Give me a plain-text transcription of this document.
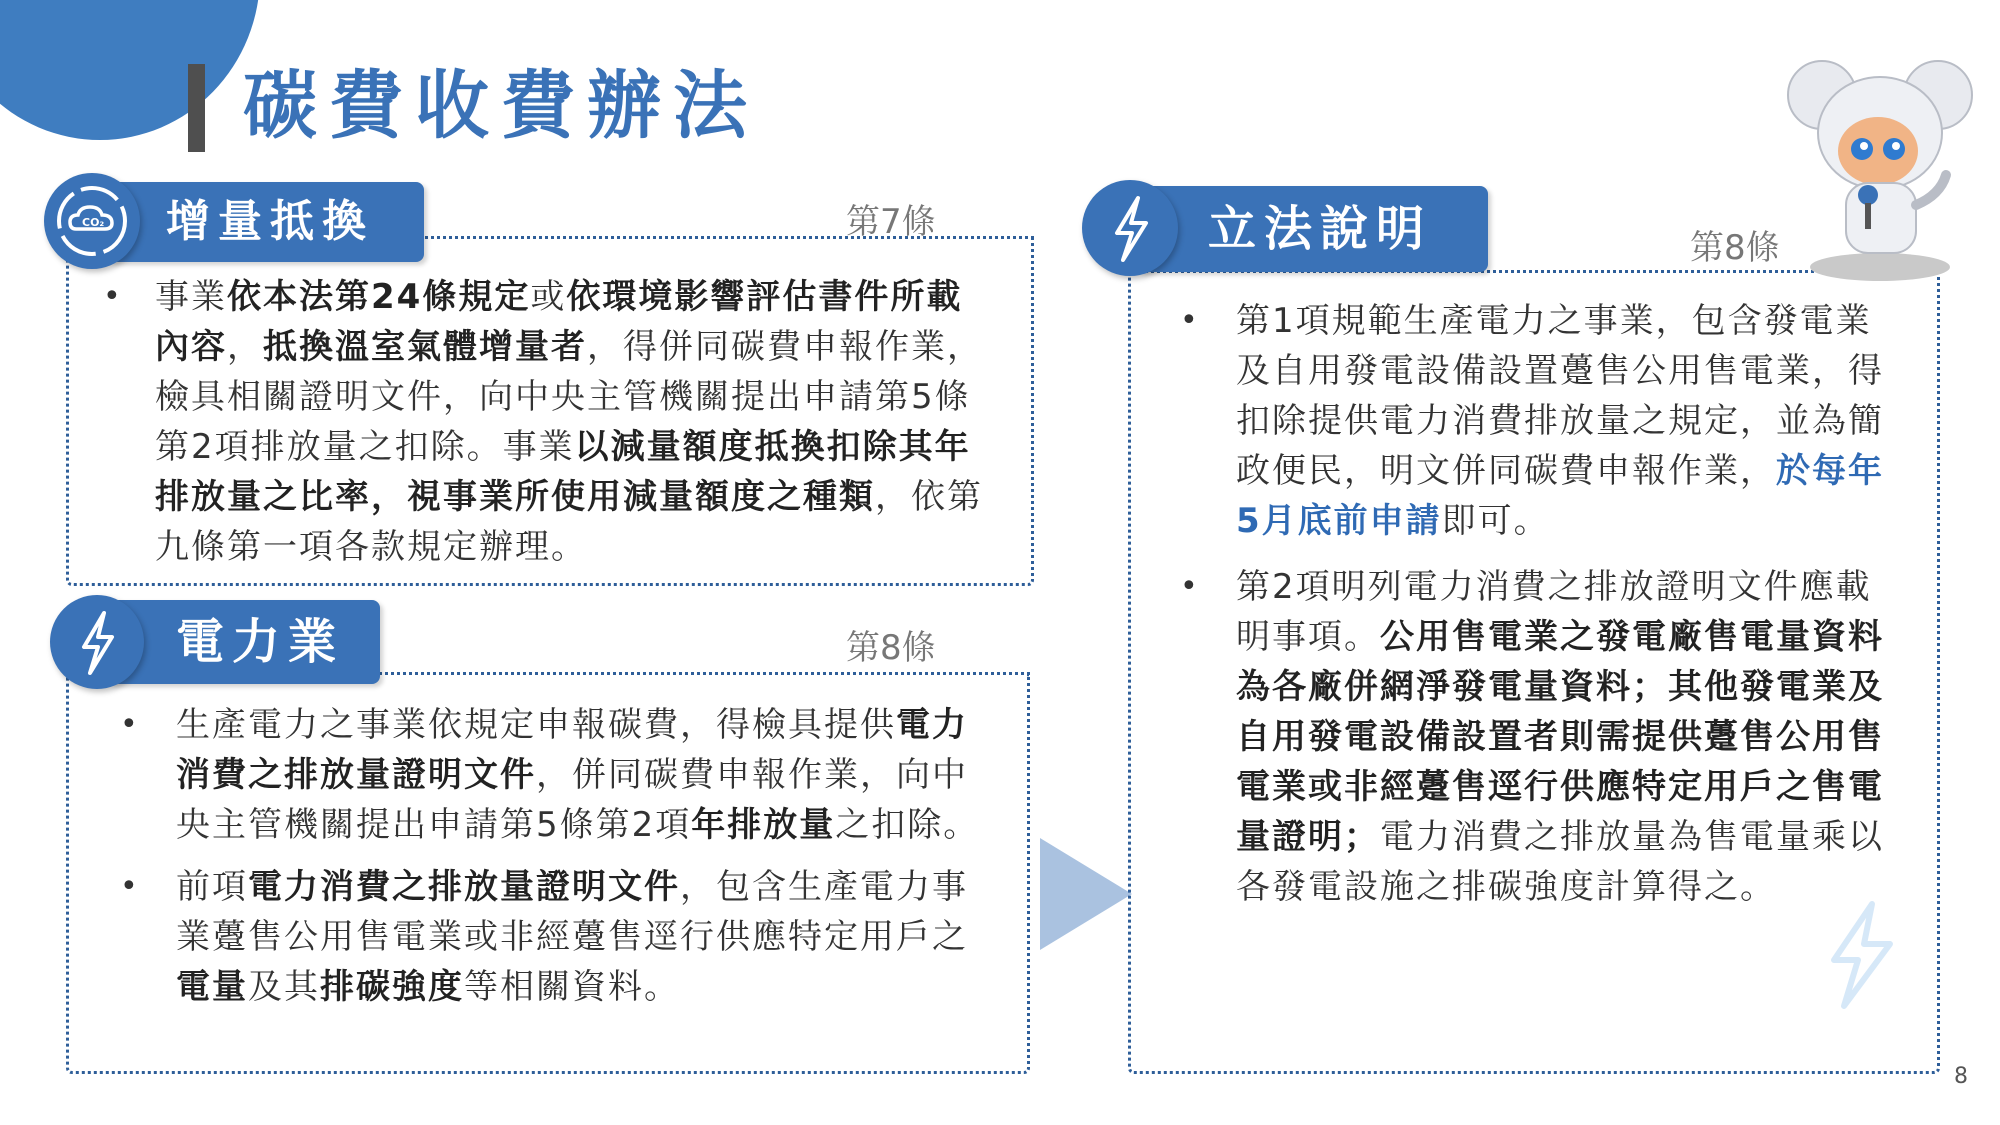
碳費收費辦法
增量抵換
CO₂	第7條
• 事業依本法第24條規定或依環境影響評估書件所載內容，抵換溫室氣體增量者，得併同碳費申報作業，檢具相關證明文件，向中央主管機關提出申請第5條第2項排放量之扣除。事業以減量額度抵換扣除其年排放量之比率，視事業所使用減量額度之種類，依第九條第一項各款規定辦理。
電力業	第8條
• 生產電力之事業依規定申報碳費，得檢具提供電力消費之排放量證明文件，併同碳費申報作業，向中央主管機關提出申請第5條第2項年排放量之扣除。
• 前項電力消費之排放量證明文件，包含生產電力事業躉售公用售電業或非經躉售逕行供應特定用戶之電量及其排碳強度等相關資料。
立法說明	第8條
• 第1項規範生產電力之事業，包含發電業及自用發電設備設置躉售公用售電業，得扣除提供電力消費排放量之規定，並為簡政便民，明文併同碳費申報作業，於每年5月底前申請即可。
• 第2項明列電力消費之排放證明文件應載明事項。公用售電業之發電廠售電量資料為各廠併網淨發電量資料；其他發電業及自用發電設備設置者則需提供躉售公用售電業或非經躉售逕行供應特定用戶之售電量證明；電力消費之排放量為售電量乘以各發電設施之排碳強度計算得之。
8
